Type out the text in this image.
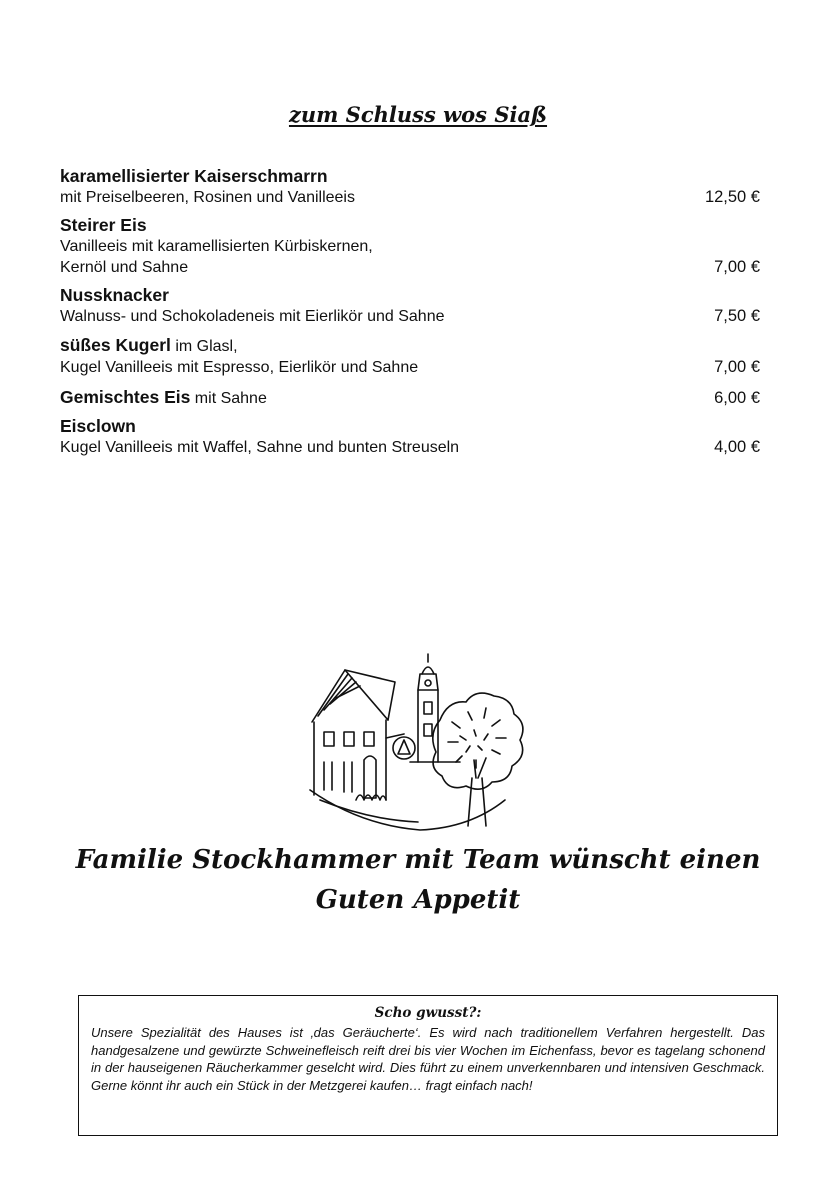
zum Schluss wos Siaß
karamellisierter Kaiserschmarrn
mit Preiselbeeren, Rosinen und Vanilleeis	12,50 €
Steirer Eis
Vanilleeis mit karamellisierten Kürbiskernen,
Kernöl und Sahne	7,00 €
Nussknacker
Walnuss- und Schokoladeneis mit Eierlikör und Sahne	7,50 €
süßes Kugerl im Glasl,
Kugel Vanilleeis mit Espresso, Eierlikör und Sahne	7,00 €
Gemischtes Eis mit Sahne	6,00 €
Eisclown
Kugel Vanilleeis mit Waffel, Sahne und bunten Streuseln	4,00 €
Familie Stockhammer mit Team wünscht einen
Guten Appetit
Scho gwusst?:
Unsere Spezialität des Hauses ist ‚das Geräucherte‘. Es wird nach traditionellem Verfahren hergestellt. Das handgesalzene und gewürzte Schweinefleisch reift drei bis vier Wochen im Eichenfass, bevor es tagelang schonend in der hauseigenen Räucherkammer geselcht wird. Dies führt zu einem unverkennbaren und intensiven Geschmack. Gerne könnt ihr auch ein Stück in der Metzgerei kaufen… fragt einfach nach!
